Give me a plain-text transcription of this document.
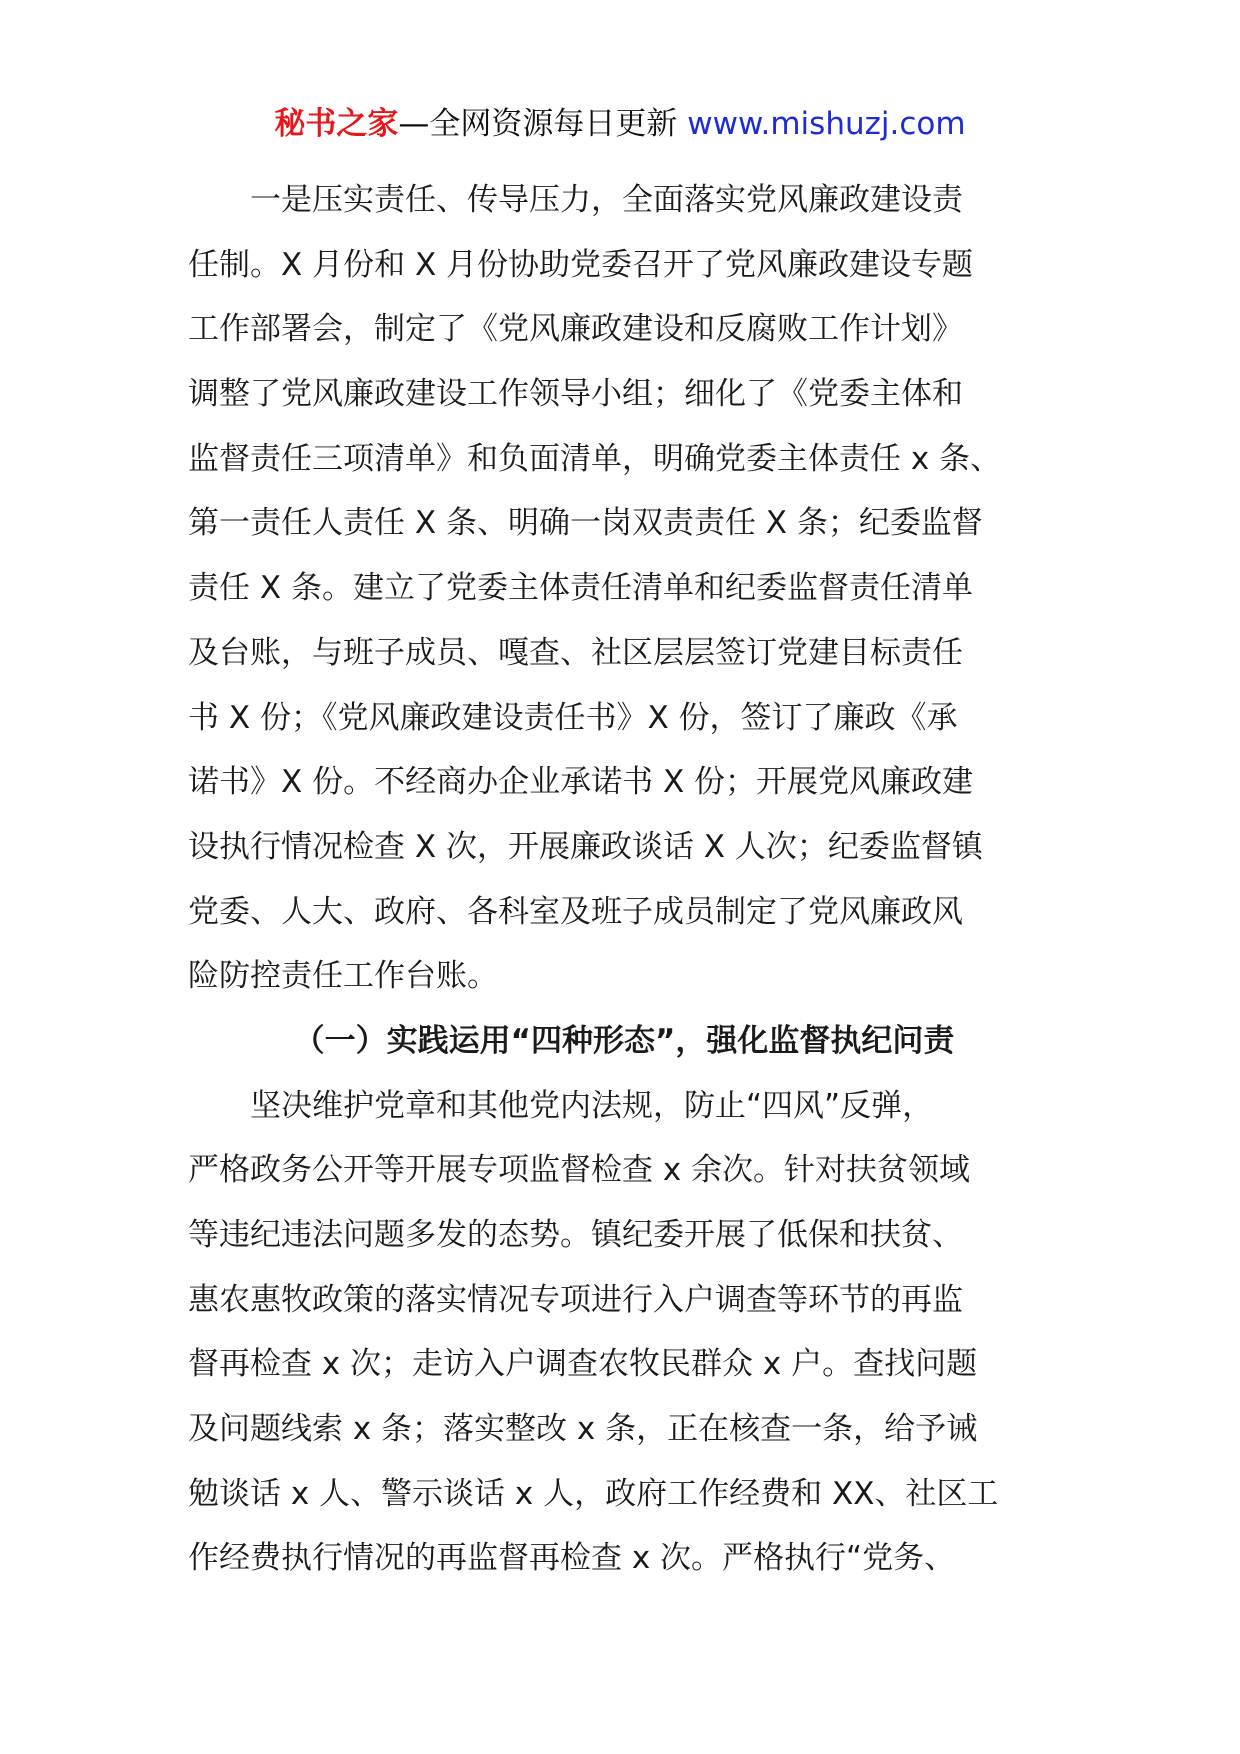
秘书之家—全网资源每日更新 www.mishuzj.com
　　一是压实责任、传导压力，全面落实党风廉政建设责
任制。X 月份和 X 月份协助党委召开了党风廉政建设专题
工作部署会，制定了《党风廉政建设和反腐败工作计划》
调整了党风廉政建设工作领导小组；细化了《党委主体和
监督责任三项清单》和负面清单，明确党委主体责任 x 条、
第一责任人责任 X 条、明确一岗双责责任 X 条；纪委监督
责任 X 条。建立了党委主体责任清单和纪委监督责任清单
及台账，与班子成员、嘎查、社区层层签订党建目标责任
书 X 份；《党风廉政建设责任书》X 份，签订了廉政《承
诺书》X 份。不经商办企业承诺书 X 份；开展党风廉政建
设执行情况检查 X 次，开展廉政谈话 X 人次；纪委监督镇
党委、人大、政府、各科室及班子成员制定了党风廉政风
险防控责任工作台账。
（一）实践运用“四种形态”，强化监督执纪问责
　　坚决维护党章和其他党内法规，防止“四风”反弹，
严格政务公开等开展专项监督检查 x 余次。针对扶贫领域
等违纪违法问题多发的态势。镇纪委开展了低保和扶贫、
惠农惠牧政策的落实情况专项进行入户调查等环节的再监
督再检查 x 次；走访入户调查农牧民群众 x 户。查找问题
及问题线索 x 条；落实整改 x 条，正在核查一条，给予诫
勉谈话 x 人、警示谈话 x 人，政府工作经费和 XX、社区工
作经费执行情况的再监督再检查 x 次。严格执行“党务、
